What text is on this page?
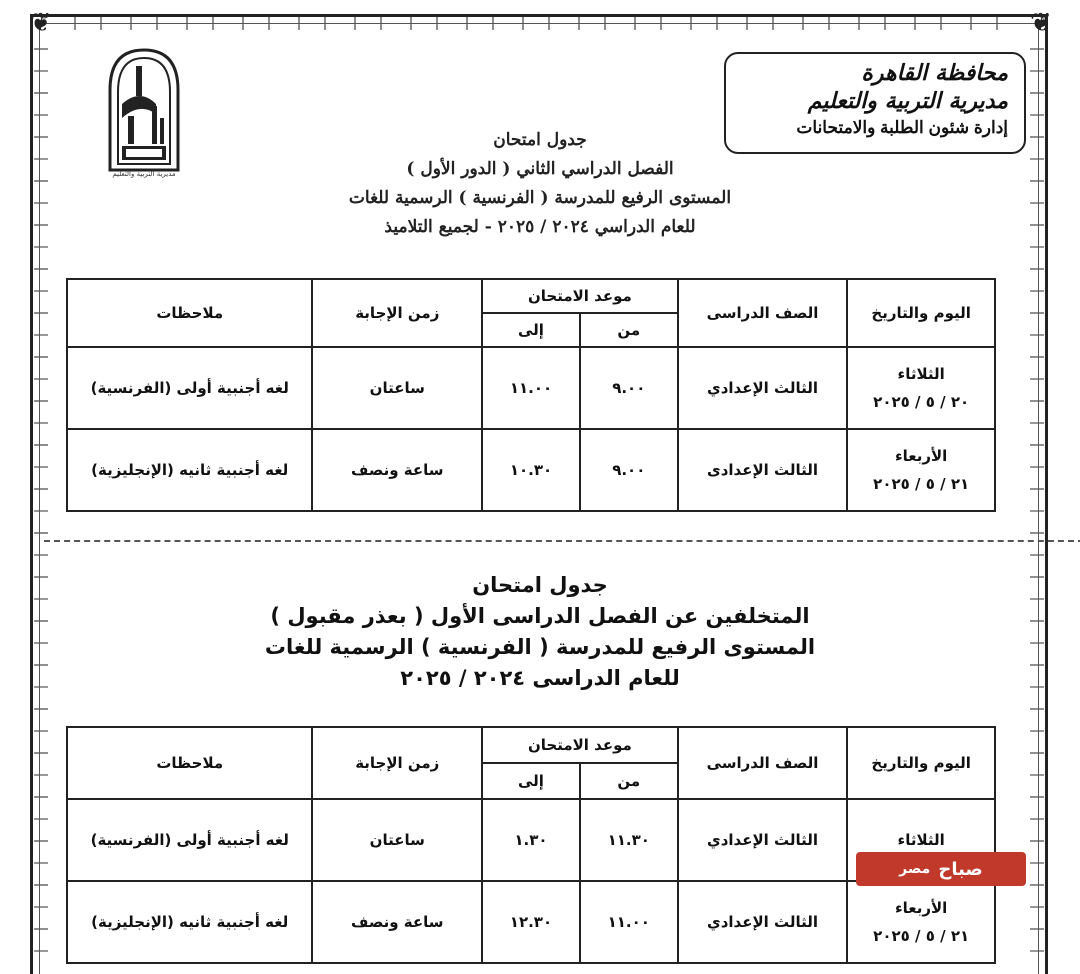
❦	❦
محافظة القاهرة
مديرية التربية والتعليم
إدارة شئون الطلبة والامتحانات
مديرية التربية والتعليم
جدول امتحان
الفصل الدراسي الثاني ( الدور الأول )
المستوى الرفيع للمدرسة ( الفرنسية ) الرسمية للغات
للعام الدراسي ٢٠٢٤ / ٢٠٢٥ - لجميع التلاميذ
اليوم والتاريخ	الصف الدراسى	موعد الامتحان		زمن الإجابة	ملاحظات
		من	إلى		

الثلاثاء
٢٠ / ٥ / ٢٠٢٥	الثالث الإعدادي	٩.٠٠	١١.٠٠	ساعتان	لغه أجنبية أولى (الفرنسية)

الأربعاء
٢١ / ٥ / ٢٠٢٥	الثالث الإعدادى	٩.٠٠	١٠.٣٠	ساعة ونصف	لغه أجنبية ثانيه (الإنجليزية)
جدول امتحان
المتخلفين عن الفصل الدراسى الأول ( بعذر مقبول )
المستوى الرفيع للمدرسة ( الفرنسية ) الرسمية للغات
للعام الدراسى ٢٠٢٤ / ٢٠٢٥
اليوم والتاريخ	الصف الدراسى	موعد الامتحان		زمن الإجابة	ملاحظات
		من	إلى		

الثلاثاء	الثالث الإعدادي	١١.٣٠	١.٣٠	ساعتان	لغه أجنبية أولى (الفرنسية)

الأربعاء
٢١ / ٥ / ٢٠٢٥	الثالث الإعدادي	١١.٠٠	١٢.٣٠	ساعة ونصف	لغه أجنبية ثانيه (الإنجليزية)
صباح
مصر
